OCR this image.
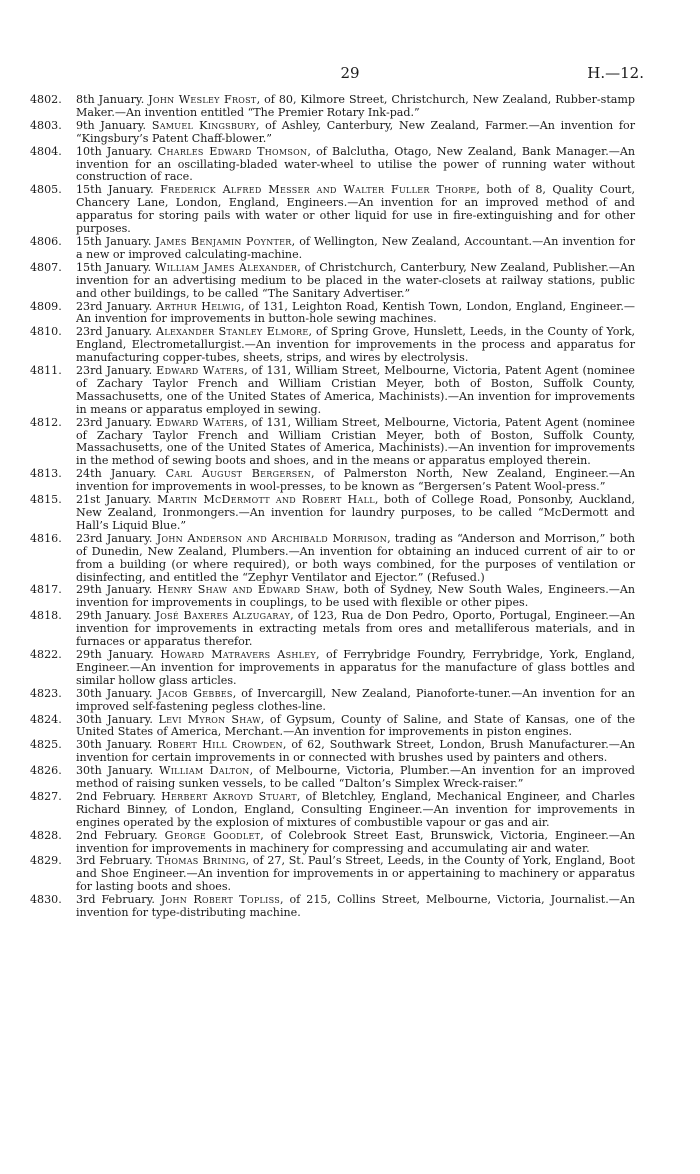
29	H.—12.
4802.	8th January. John Wesley Frost, of 80, Kilmore Street, Christchurch, New Zealand, Rubber-stamp Maker.—An invention entitled “The Premier Rotary Ink-pad.”
4803.	9th January. Samuel Kingsbury, of Ashley, Canterbury, New Zealand, Farmer.—An invention for “Kingsbury’s Patent Chaff-blower.”
4804.	10th January. Charles Edward Thomson, of Balclutha, Otago, New Zealand, Bank Manager.—An invention for an oscillating-bladed water-wheel to utilise the power of running water without construction of race.
4805.	15th January. Frederick Alfred Messer and Walter Fuller Thorpe, both of 8, Quality Court, Chancery Lane, London, England, Engineers.—An invention for an improved method of and apparatus for storing pails with water or other liquid for use in fire-extinguishing and for other purposes.
4806.	15th January. James Benjamin Poynter, of Wellington, New Zealand, Accountant.—An invention for a new or improved calculating-machine.
4807.	15th January. William James Alexander, of Christchurch, Canterbury, New Zealand, Publisher.—An invention for an advertising medium to be placed in the water-closets at railway stations, public and other buildings, to be called “The Sanitary Advertiser.”
4809.	23rd January. Arthur Helwig, of 131, Leighton Road, Kentish Town, London, England, Engineer.—An invention for improvements in button-hole sewing machines.
4810.	23rd January. Alexander Stanley Elmore, of Spring Grove, Hunslett, Leeds, in the County of York, England, Electrometallurgist.—An invention for improvements in the process and apparatus for manufacturing copper-tubes, sheets, strips, and wires by electrolysis.
4811.	23rd January. Edward Waters, of 131, William Street, Melbourne, Victoria, Patent Agent (nominee of Zachary Taylor French and William Cristian Meyer, both of Boston, Suffolk County, Massachusetts, one of the United States of America, Machinists).—An invention for improvements in means or apparatus employed in sewing.
4812.	23rd January. Edward Waters, of 131, William Street, Melbourne, Victoria, Patent Agent (nominee of Zachary Taylor French and William Cristian Meyer, both of Boston, Suffolk County, Massachusetts, one of the United States of America, Machinists).—An invention for improvements in the method of sewing boots and shoes, and in the means or apparatus employed therein.
4813.	24th January. Carl August Bergersen, of Palmerston North, New Zealand, Engineer.—An invention for improvements in wool-presses, to be known as “Bergersen’s Patent Wool-press.”
4815.	21st January. Martin McDermott and Robert Hall, both of College Road, Ponsonby, Auckland, New Zealand, Ironmongers.—An invention for laundry purposes, to be called “McDermott and Hall’s Liquid Blue.”
4816.	23rd January. John Anderson and Archibald Morrison, trading as “Anderson and Morrison,” both of Dunedin, New Zealand, Plumbers.—An invention for obtaining an induced current of air to or from a building (or where required), or both ways combined, for the purposes of ventilation or disinfecting, and entitled the “Zephyr Ventilator and Ejector.” (Refused.)
4817.	29th January. Henry Shaw and Edward Shaw, both of Sydney, New South Wales, Engineers.—An invention for improvements in couplings, to be used with flexible or other pipes.
4818.	29th January. José Baxeres Alzugaray, of 123, Rua de Don Pedro, Oporto, Portugal, Engineer.—An invention for improvements in extracting metals from ores and metalliferous materials, and in furnaces or apparatus therefor.
4822.	29th January. Howard Matravers Ashley, of Ferrybridge Foundry, Ferrybridge, York, England, Engineer.—An invention for improvements in apparatus for the manufacture of glass bottles and similar hollow glass articles.
4823.	30th January. Jacob Gebbes, of Invercargill, New Zealand, Pianoforte-tuner.—An invention for an improved self-fastening pegless clothes-line.
4824.	30th January. Levi Myron Shaw, of Gypsum, County of Saline, and State of Kansas, one of the United States of America, Merchant.—An invention for improvements in piston engines.
4825.	30th January. Robert Hill Crowden, of 62, Southwark Street, London, Brush Manufacturer.—An invention for certain improvements in or connected with brushes used by painters and others.
4826.	30th January. William Dalton, of Melbourne, Victoria, Plumber.—An invention for an improved method of raising sunken vessels, to be called “Dalton’s Simplex Wreck-raiser.”
4827.	2nd February. Herbert Akroyd Stuart, of Bletchley, England, Mechanical Engineer, and Charles Richard Binney, of London, England, Consulting Engineer.—An invention for improvements in engines operated by the explosion of mixtures of combustible vapour or gas and air.
4828.	2nd February. George Goodlet, of Colebrook Street East, Brunswick, Victoria, Engineer.—An invention for improvements in machinery for compressing and accumulating air and water.
4829.	3rd February. Thomas Brining, of 27, St. Paul’s Street, Leeds, in the County of York, England, Boot and Shoe Engineer.—An invention for improvements in or appertaining to machinery or apparatus for lasting boots and shoes.
4830.	3rd February. John Robert Topliss, of 215, Collins Street, Melbourne, Victoria, Journalist.—An invention for type-distributing machine.
